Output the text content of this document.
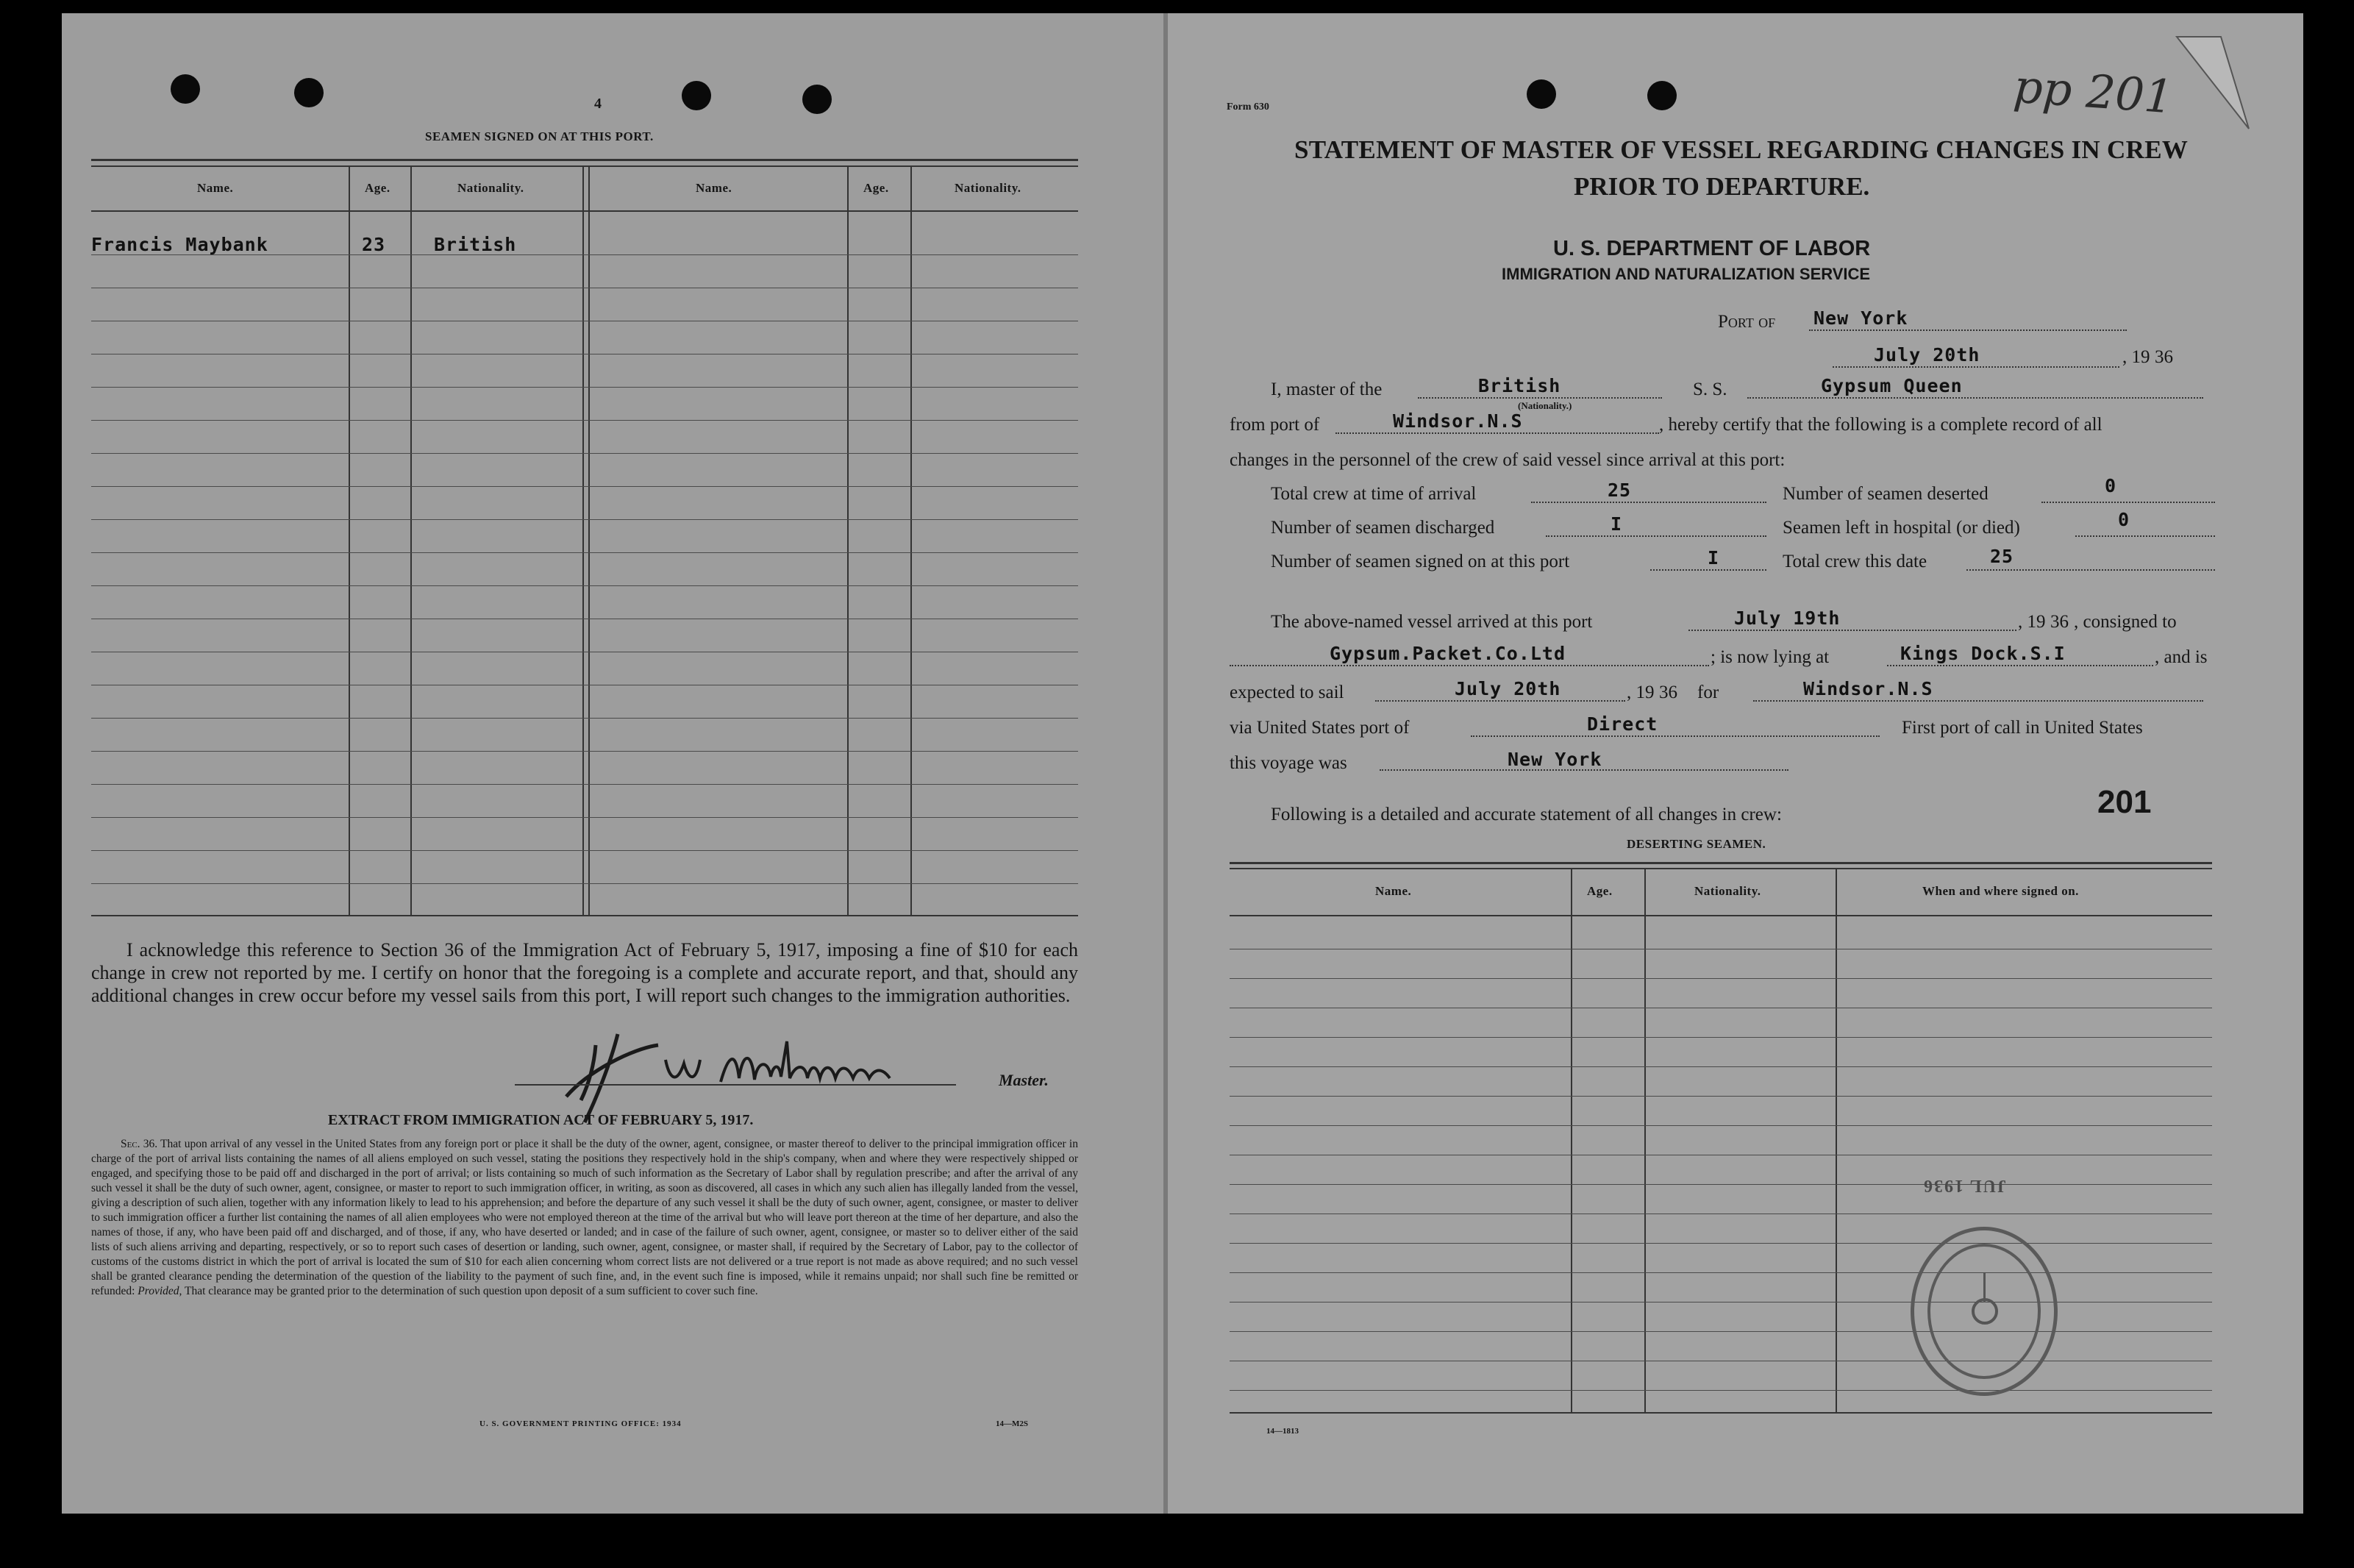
4
SEAMEN SIGNED ON AT THIS PORT.
Name.	Age.	Nationality.	Name.	Age.	Nationality.
Francis Maybank	23	British
I acknowledge this reference to Section 36 of the Immigration Act of February 5, 1917, imposing a fine of $10 for each change in crew not reported by me. I certify on honor that the foregoing is a complete and accurate report, and that, should any additional changes in crew occur before my vessel sails from this port, I will report such changes to the immigration authorities.
Master.
EXTRACT FROM IMMIGRATION ACT OF FEBRUARY 5, 1917.
Sec. 36. That upon arrival of any vessel in the United States from any foreign port or place it shall be the duty of the owner, agent, consignee, or master thereof to deliver to the principal immigration officer in charge of the port of arrival lists containing the names of all aliens employed on such vessel, stating the positions they respectively hold in the ship's company, when and where they were respectively shipped or engaged, and specifying those to be paid off and discharged in the port of arrival; or lists containing so much of such information as the Secretary of Labor shall by regulation prescribe; and after the arrival of any such vessel it shall be the duty of such owner, agent, consignee, or master to report to such immigration officer, in writing, as soon as discovered, all cases in which any such alien has illegally landed from the vessel, giving a description of such alien, together with any information likely to lead to his apprehension; and before the departure of any such vessel it shall be the duty of such owner, agent, consignee, or master to deliver to such immigration officer a further list containing the names of all alien employees who were not employed thereon at the time of the arrival but who will leave port thereon at the time of her departure, and also the names of those, if any, who have been paid off and discharged, and of those, if any, who have deserted or landed; and in case of the failure of such owner, agent, consignee, or master so to deliver either of the said lists of such aliens arriving and departing, respectively, or so to report such cases of desertion or landing, such owner, agent, consignee, or master shall, if required by the Secretary of Labor, pay to the collector of customs of the customs district in which the port of arrival is located the sum of $10 for each alien concerning whom correct lists are not delivered or a true report is not made as above required; and no such vessel shall be granted clearance pending the determination of the question of the liability to the payment of such fine, and, in the event such fine is imposed, while it remains unpaid; nor shall such fine be remitted or refunded: Provided, That clearance may be granted prior to the determination of such question upon deposit of a sum sufficient to cover such fine.
U. S. GOVERNMENT PRINTING OFFICE: 1934	14—M2S
Form 630	pp 201
STATEMENT OF MASTER OF VESSEL REGARDING CHANGES IN CREW
PRIOR TO DEPARTURE.
U. S. DEPARTMENT OF LABOR
IMMIGRATION AND NATURALIZATION SERVICE
Port of New York
July 20th	, 19 36
I, master of the	British
(Nationality.)
S. S.	Gypsum Queen
from port of	Windsor.N.S	, hereby certify that the following is a complete record of all
changes in the personnel of the crew of said vessel since arrival at this port:
Total crew at time of arrival	25	Number of seamen deserted	0
Number of seamen discharged	I	Seamen left in hospital (or died)	0
Number of seamen signed on at this port	I	Total crew this date	25
The above-named vessel arrived at this port	July 19th	, 19 36 , consigned to
Gypsum.Packet.Co.Ltd	; is now lying at	Kings Dock.S.I	, and is
expected to sail	July 20th	, 19 36 for	Windsor.N.S
via United States port of	Direct	First port of call in United States
this voyage was	New York
Following is a detailed and accurate statement of all changes in crew:	201
DESERTING SEAMEN.
Name.	Age.	Nationality.	When and where signed on.
JUL 1936
14—1813
